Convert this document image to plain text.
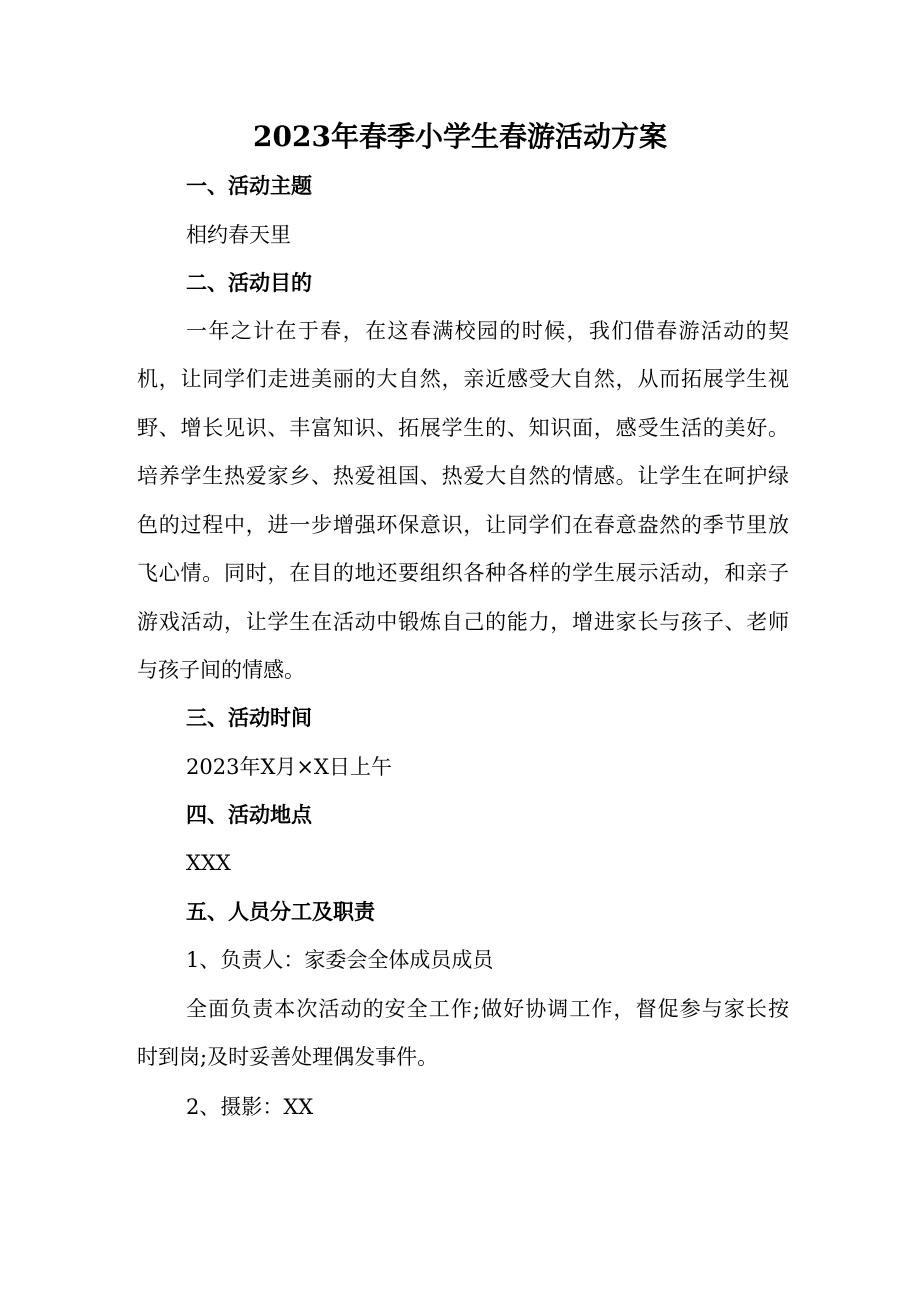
2023年春季小学生春游活动方案
一、活动主题
相约春天里
二、活动目的
一年之计在于春，在这春满校园的时候，我们借春游活动的契
机，让同学们走进美丽的大自然，亲近感受大自然，从而拓展学生视
野、增长见识、丰富知识、拓展学生的、知识面，感受生活的美好。
培养学生热爱家乡、热爱祖国、热爱大自然的情感。让学生在呵护绿
色的过程中，进一步增强环保意识，让同学们在春意盎然的季节里放
飞心情。同时，在目的地还要组织各种各样的学生展示活动，和亲子
游戏活动，让学生在活动中锻炼自己的能力，增进家长与孩子、老师
与孩子间的情感。
三、活动时间
2023年X月×X日上午
四、活动地点
XXX
五、人员分工及职责
1、负责人：家委会全体成员成员
全面负责本次活动的安全工作;做好协调工作，督促参与家长按
时到岗;及时妥善处理偶发事件。
2、摄影：XX
